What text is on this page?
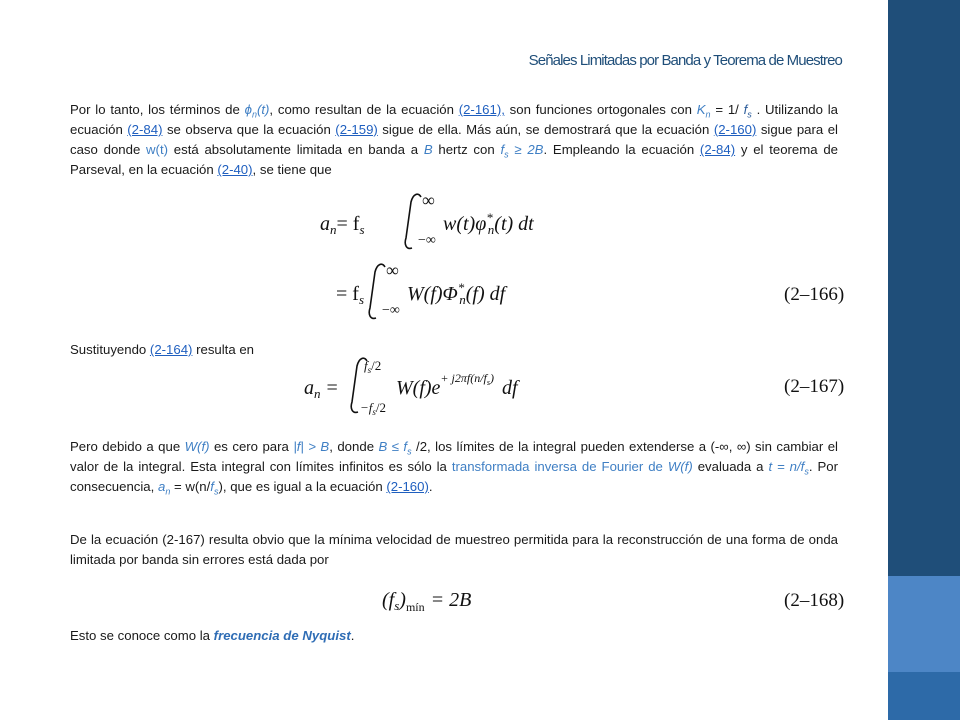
Señales Limitadas por Banda y Teorema de Muestreo
Por lo tanto, los términos de $\phi_n(t)$, como resultan de la ecuación (2-161), son funciones ortogonales con $K_n = 1/$ $f_s$ . Utilizando la ecuación (2-84) se observa que la ecuación (2-159) sigue de ella. Más aún, se demostrará que la ecuación (2-160) sigue para el caso donde w(t) está absolutamente limitada en banda a B hertz con $f_s \ge 2B$. Empleando la ecuación (2-84) y el teorema de Parseval, en la ecuación (2-40), se tiene que
$a_n= f_s$
∞
−∞
w(t)φ* n(t) dt
= $f_s$
∞
−∞
W(f)Φ* n(f) df	(2–166)
Sustituyendo (2-164) resulta en
$a_n$ =
$f_s/2$
$-f_s/2$
$W(f)e^{+ j2\pi f(n/f}s$) df	(2–167)
Pero debido a que W(f) es cero para |f| > B, donde $B \le f_s$ /2, los límites de la integral pueden extenderse a (-∞, ∞) sin cambiar el valor de la integral. Esta integral con límites infinitos es sólo la transformada inversa de Fourier de W(f) evaluada a $t = n/f_s$. Por consecuencia, $a_n = w(n/f_s)$, que es igual a la ecuación (2-160).
De la ecuación (2-167) resulta obvio que la mínima velocidad de muestreo permitida para la reconstrucción de una forma de onda limitada por banda sin errores está dada por
$(f_s)_{mín} = 2B$	(2–168)
Esto se conoce como la frecuencia de Nyquist.
